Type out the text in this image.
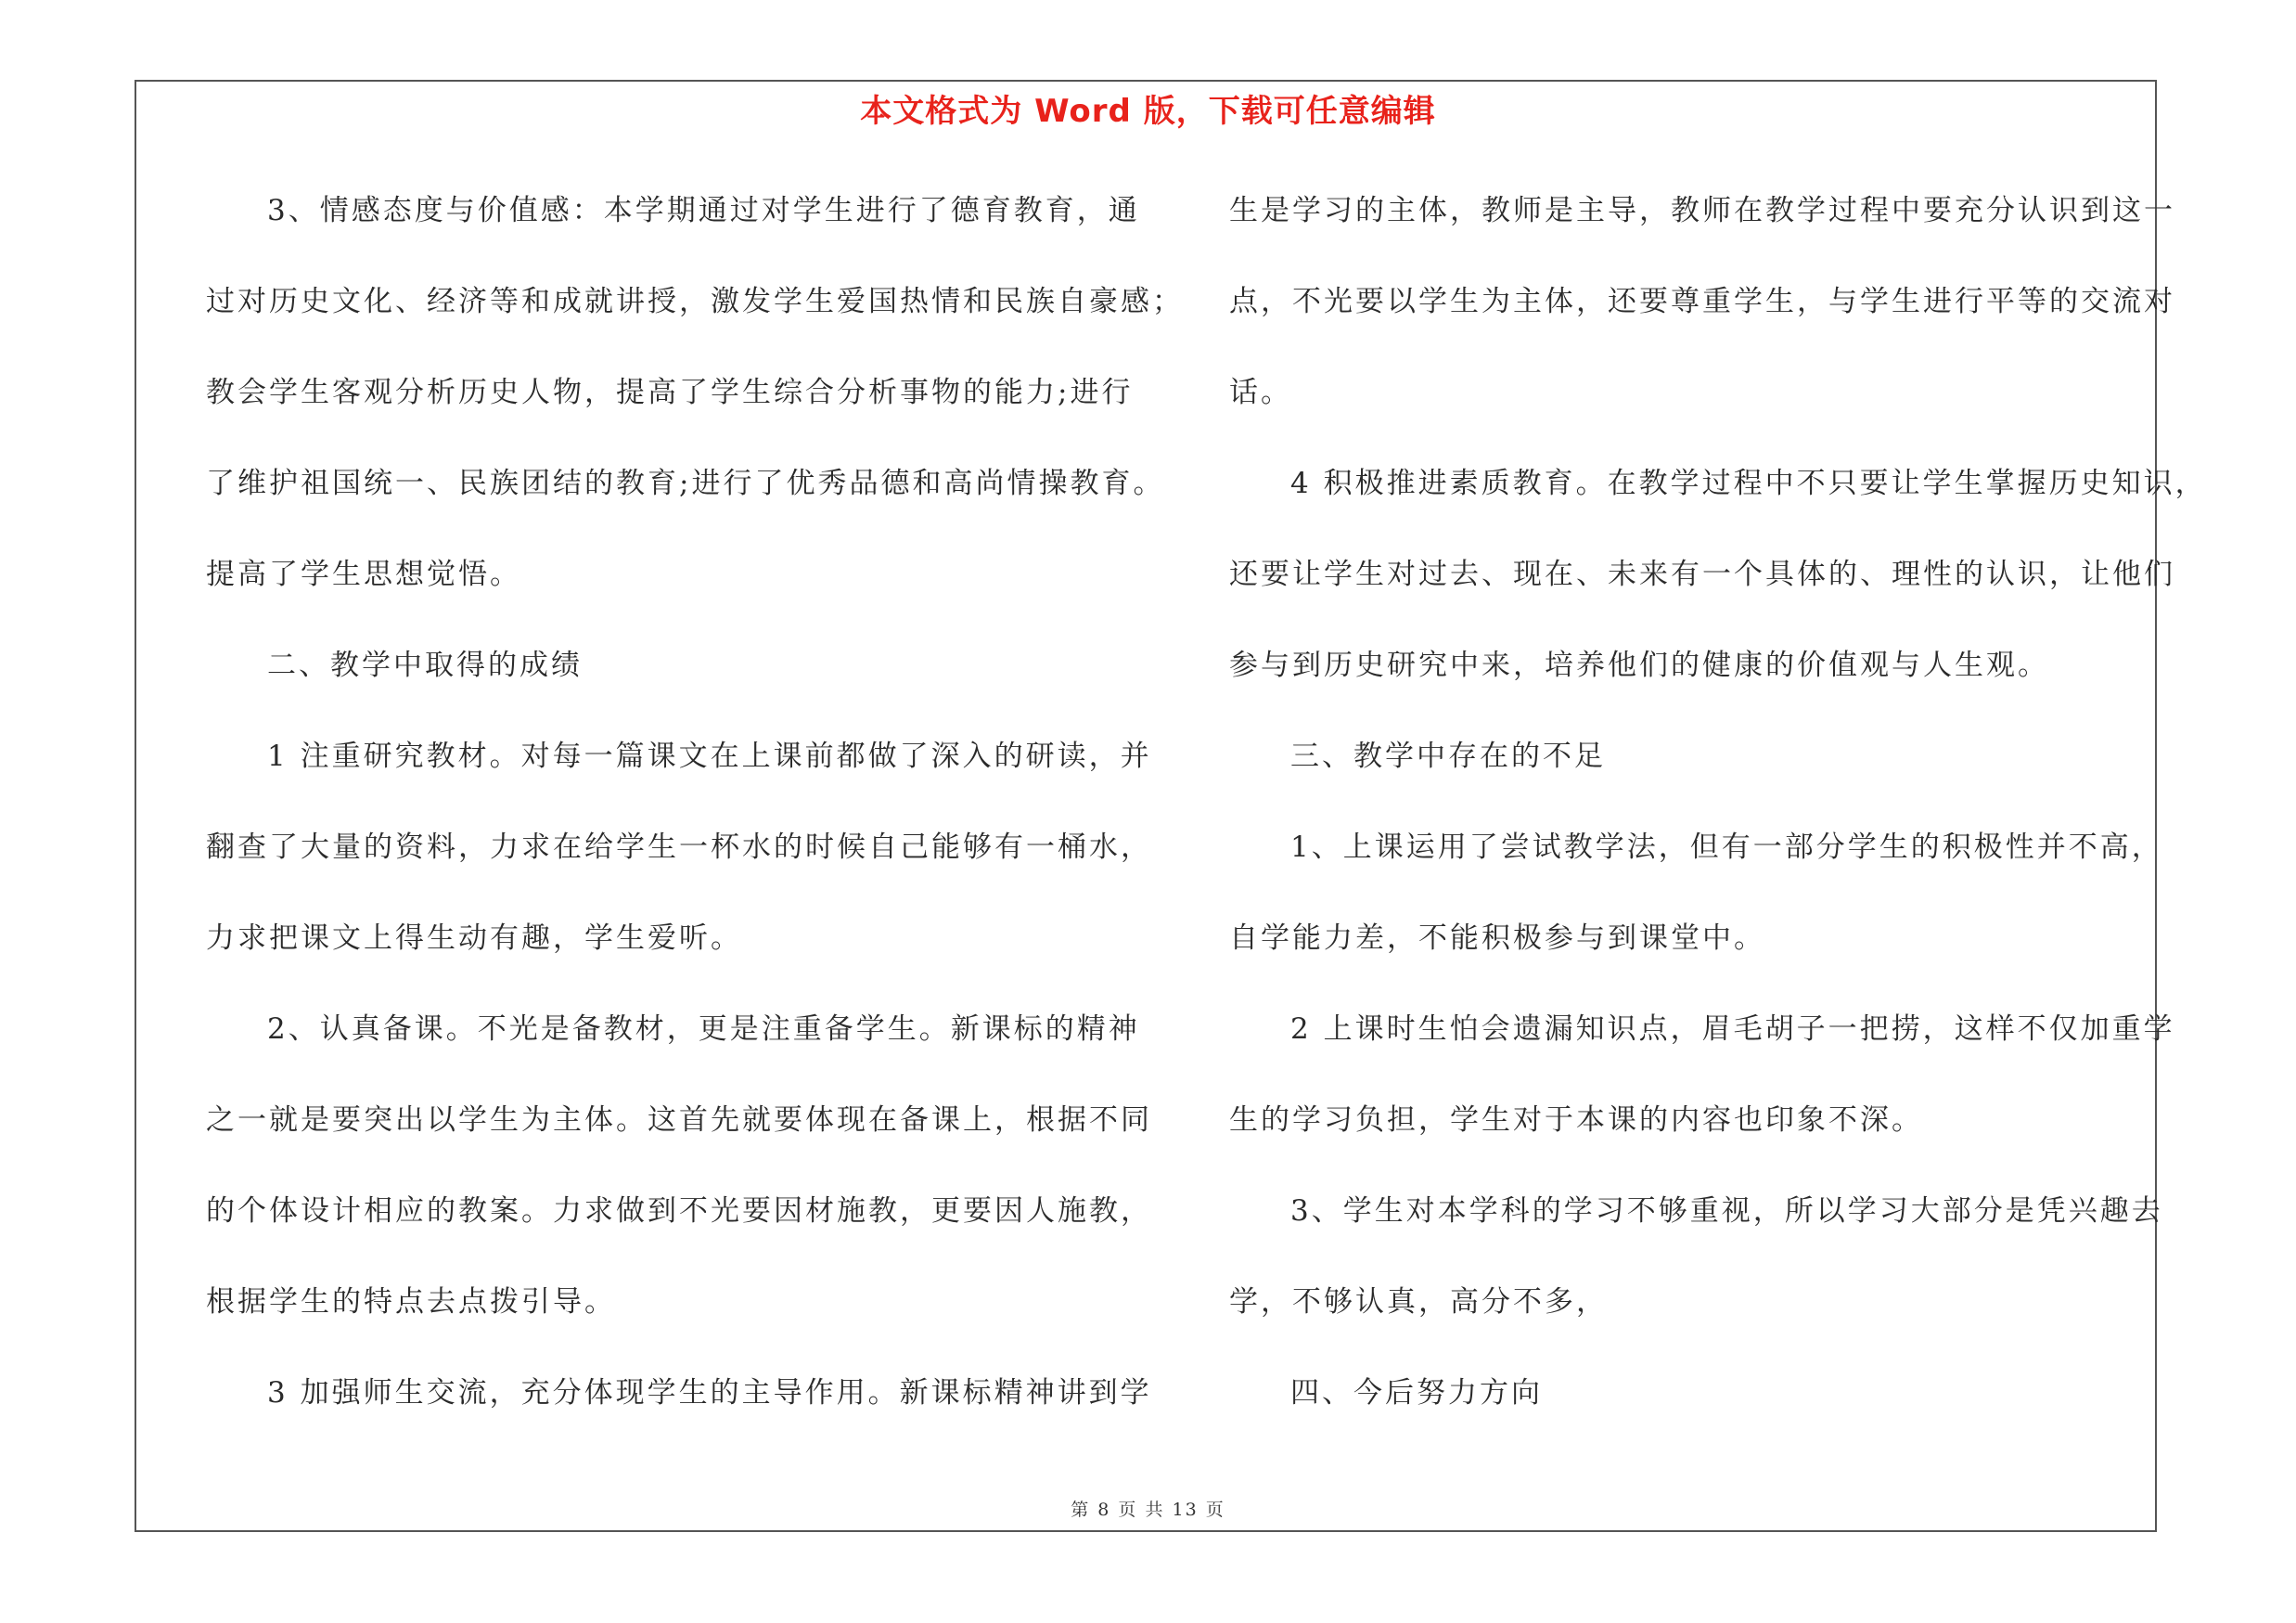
本文格式为 Word 版，下载可任意编辑
3、情感态度与价值感：本学期通过对学生进行了德育教育，通
过对历史文化、经济等和成就讲授，激发学生爱国热情和民族自豪感；
教会学生客观分析历史人物，提高了学生综合分析事物的能力;进行
了维护祖国统一、民族团结的教育;进行了优秀品德和高尚情操教育。
提高了学生思想觉悟。
二、教学中取得的成绩
1 注重研究教材。对每一篇课文在上课前都做了深入的研读，并
翻查了大量的资料，力求在给学生一杯水的时候自己能够有一桶水，
力求把课文上得生动有趣，学生爱听。
2、认真备课。不光是备教材，更是注重备学生。新课标的精神
之一就是要突出以学生为主体。这首先就要体现在备课上，根据不同
的个体设计相应的教案。力求做到不光要因材施教，更要因人施教，
根据学生的特点去点拨引导。
3 加强师生交流，充分体现学生的主导作用。新课标精神讲到学
生是学习的主体，教师是主导，教师在教学过程中要充分认识到这一
点，不光要以学生为主体，还要尊重学生，与学生进行平等的交流对
话。
4 积极推进素质教育。在教学过程中不只要让学生掌握历史知识，
还要让学生对过去、现在、未来有一个具体的、理性的认识，让他们
参与到历史研究中来，培养他们的健康的价值观与人生观。
三、教学中存在的不足
1、上课运用了尝试教学法，但有一部分学生的积极性并不高，
自学能力差，不能积极参与到课堂中。
2 上课时生怕会遗漏知识点，眉毛胡子一把捞，这样不仅加重学
生的学习负担，学生对于本课的内容也印象不深。
3、学生对本学科的学习不够重视，所以学习大部分是凭兴趣去
学，不够认真，高分不多，
四、今后努力方向
第 8 页 共 13 页
